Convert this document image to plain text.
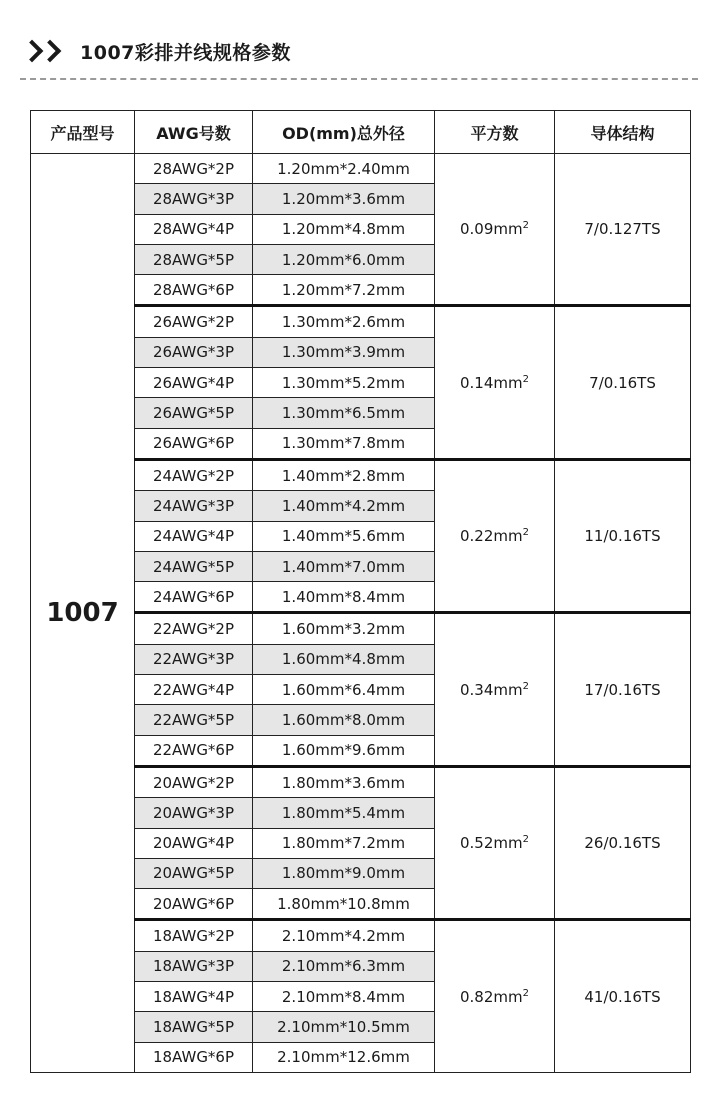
1007彩排并线规格参数
产品型号	AWG号数	OD(mm)总外径	平方数	导体结构
1007	28AWG*2P	1.20mm*2.40mm	$0.09mm^2$	7/0.127TS
	28AWG*3P	1.20mm*3.6mm		
	28AWG*4P	1.20mm*4.8mm		
	28AWG*5P	1.20mm*6.0mm		
	28AWG*6P	1.20mm*7.2mm		
	26AWG*2P	1.30mm*2.6mm	$0.14mm^2$	7/0.16TS
	26AWG*3P	1.30mm*3.9mm		
	26AWG*4P	1.30mm*5.2mm		
	26AWG*5P	1.30mm*6.5mm		
	26AWG*6P	1.30mm*7.8mm		
	24AWG*2P	1.40mm*2.8mm	$0.22mm^2$	11/0.16TS
	24AWG*3P	1.40mm*4.2mm		
	24AWG*4P	1.40mm*5.6mm		
	24AWG*5P	1.40mm*7.0mm		
	24AWG*6P	1.40mm*8.4mm		
	22AWG*2P	1.60mm*3.2mm	$0.34mm^2$	17/0.16TS
	22AWG*3P	1.60mm*4.8mm		
	22AWG*4P	1.60mm*6.4mm		
	22AWG*5P	1.60mm*8.0mm		
	22AWG*6P	1.60mm*9.6mm		
	20AWG*2P	1.80mm*3.6mm	$0.52mm^2$	26/0.16TS
	20AWG*3P	1.80mm*5.4mm		
	20AWG*4P	1.80mm*7.2mm		
	20AWG*5P	1.80mm*9.0mm		
	20AWG*6P	1.80mm*10.8mm		
	18AWG*2P	2.10mm*4.2mm	$0.82mm^2$	41/0.16TS
	18AWG*3P	2.10mm*6.3mm		
	18AWG*4P	2.10mm*8.4mm		
	18AWG*5P	2.10mm*10.5mm		
	18AWG*6P	2.10mm*12.6mm		
